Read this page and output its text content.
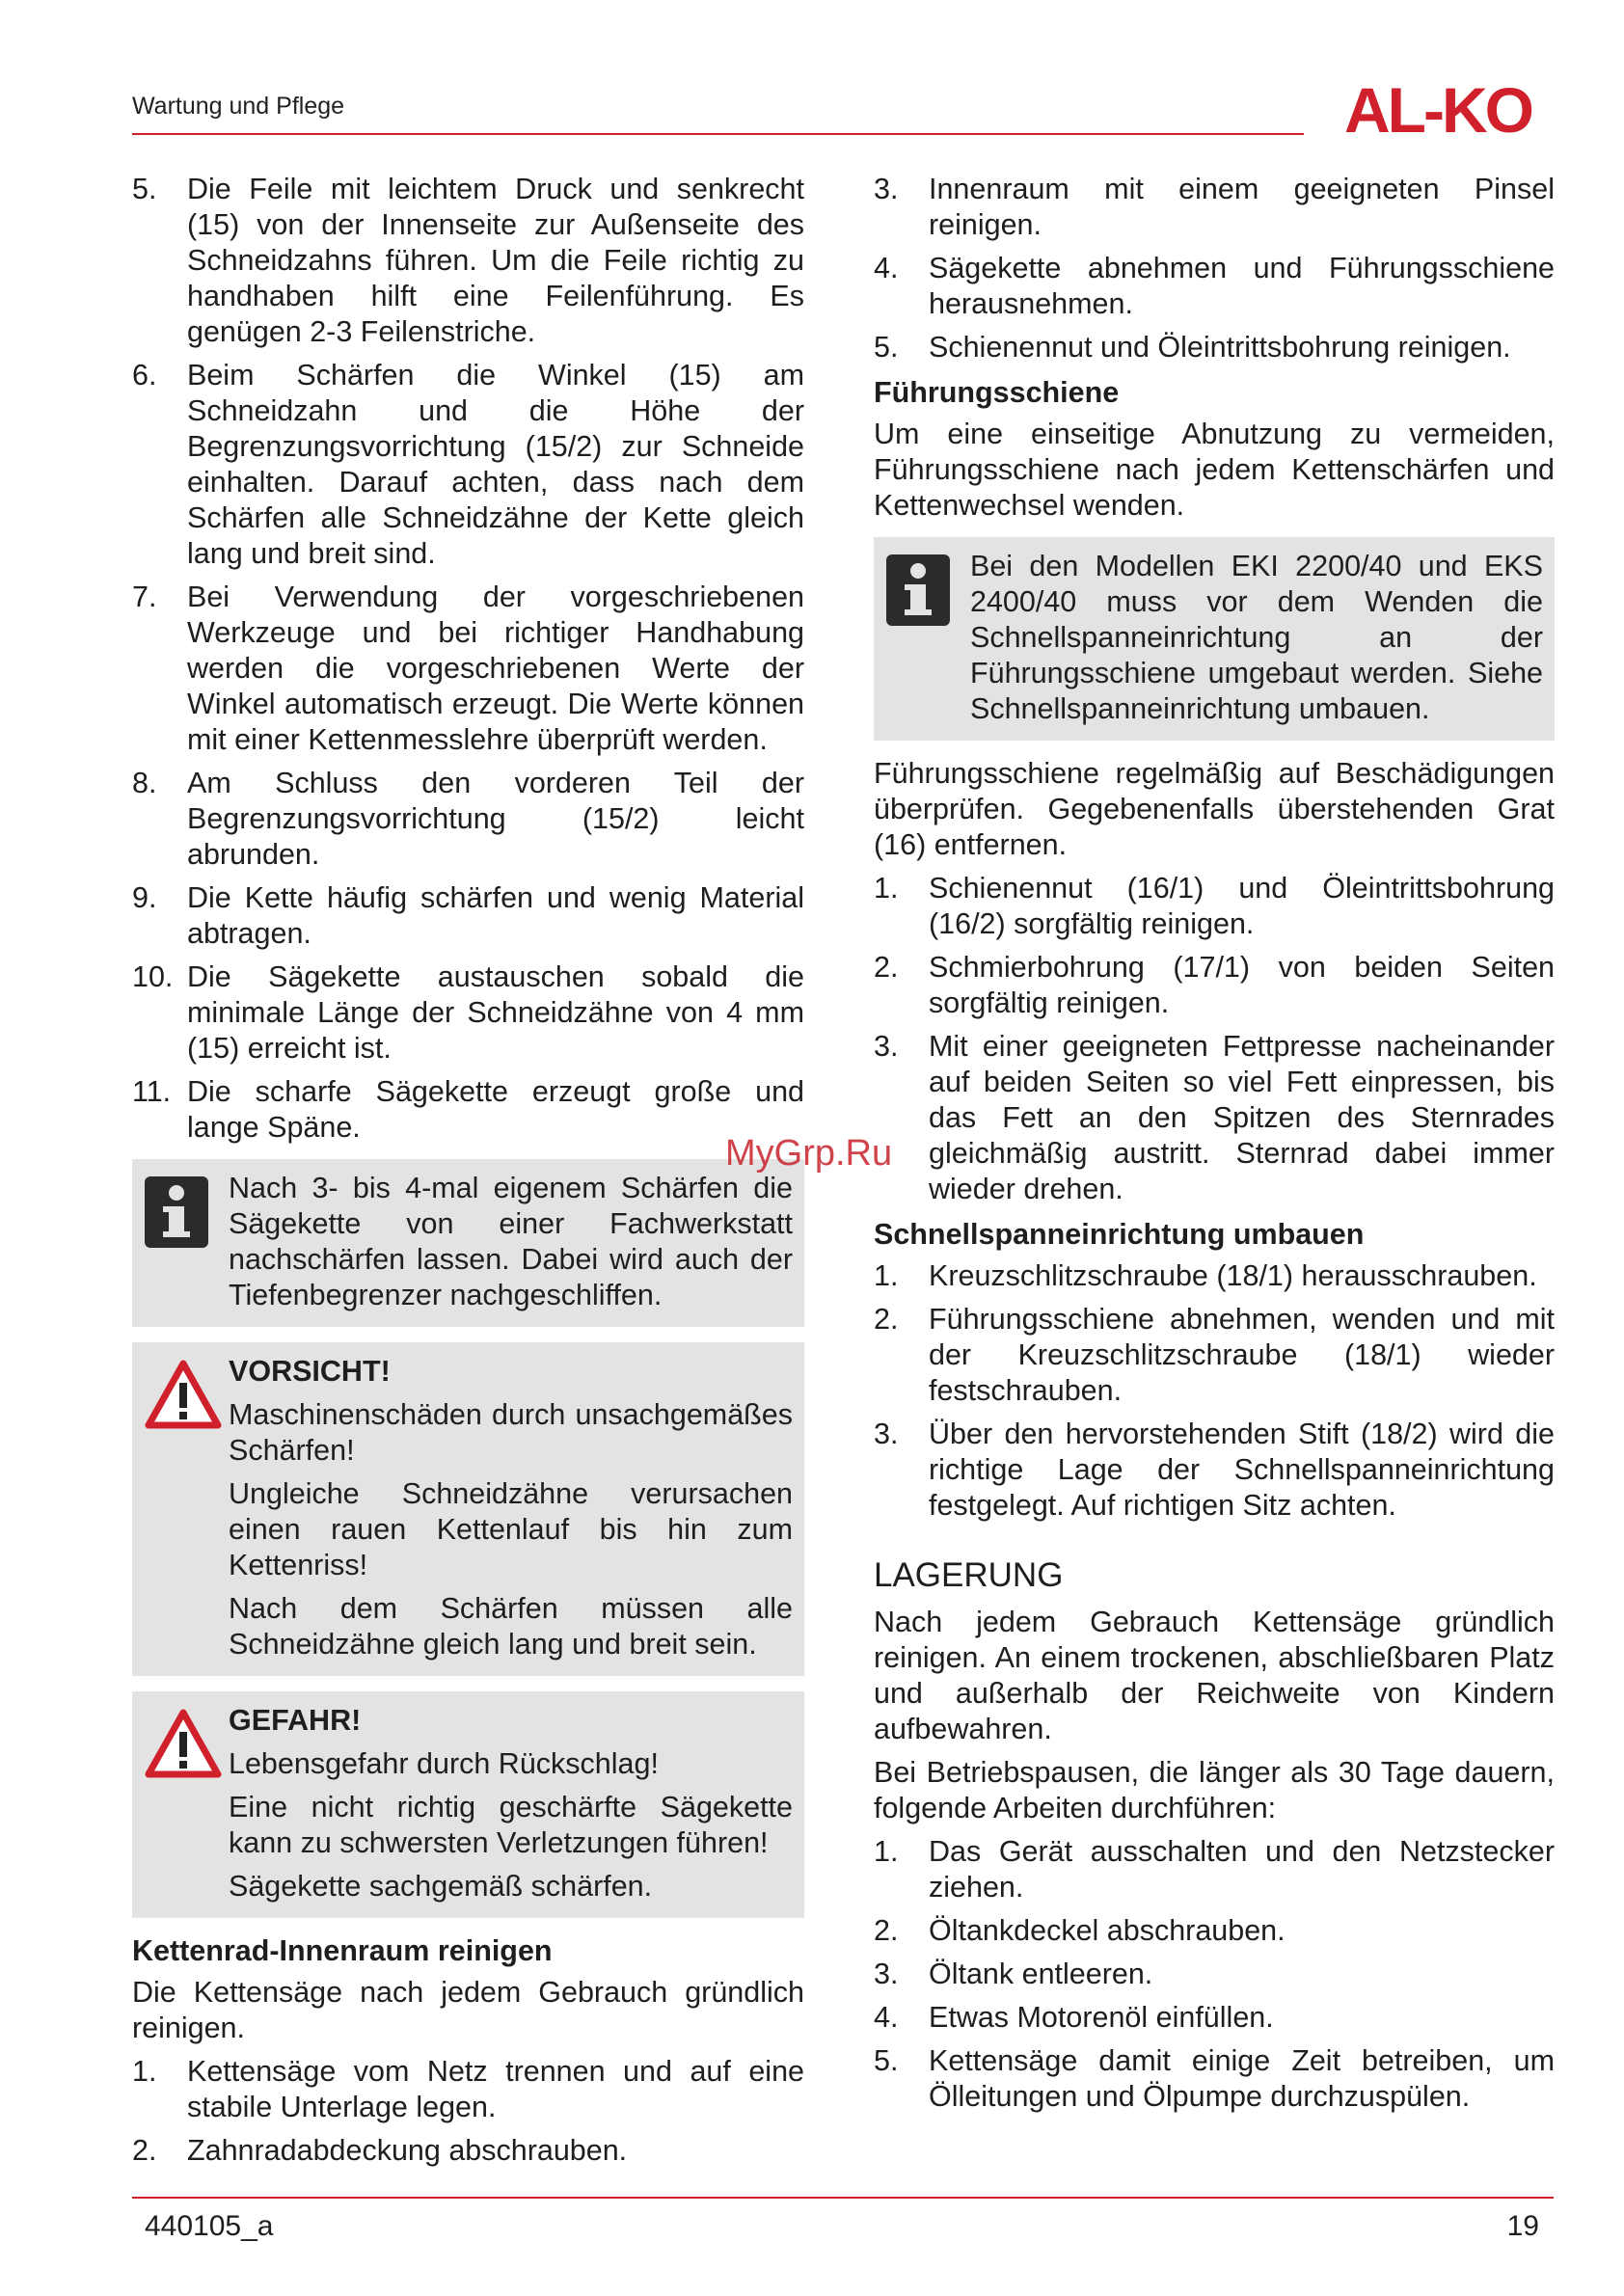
Wartung und Pflege	AL-KO
5. Die Feile mit leichtem Druck und senkrecht (15) von der Innenseite zur Außenseite des Schneidzahns führen. Um die Feile richtig zu handhaben hilft eine Feilenführung. Es genügen 2-3 Feilenstriche.
6. Beim Schärfen die Winkel (15) am Schneidzahn und die Höhe der Begrenzungsvorrichtung (15/2) zur Schneide einhalten. Darauf achten, dass nach dem Schärfen alle Schneidzähne der Kette gleich lang und breit sind.
7. Bei Verwendung der vorgeschriebenen Werkzeuge und bei richtiger Handhabung werden die vorgeschriebenen Werte der Winkel automatisch erzeugt. Die Werte können mit einer Kettenmesslehre überprüft werden.
8. Am Schluss den vorderen Teil der Begrenzungsvorrichtung (15/2) leicht abrunden.
9. Die Kette häufig schärfen und wenig Material abtragen.
10. Die Sägekette austauschen sobald die minimale Länge der Schneidzähne von 4 mm (15) erreicht ist.
11. Die scharfe Sägekette erzeugt große und lange Späne.

Nach 3- bis 4-mal eigenem Schärfen die Sägekette von einer Fachwerkstatt nachschärfen lassen. Dabei wird auch der Tiefenbegrenzer nachgeschliffen.

VORSICHT!

Maschinenschäden durch unsachgemäßes Schärfen!

Ungleiche Schneidzähne verursachen einen rauen Kettenlauf bis hin zum Kettenriss!

Nach dem Schärfen müssen alle Schneidzähne gleich lang und breit sein.

GEFAHR!

Lebensgefahr durch Rückschlag!

Eine nicht richtig geschärfte Sägekette kann zu schwersten Verletzungen führen!

Sägekette sachgemäß schärfen.

Kettenrad-Innenraum reinigen

Die Kettensäge nach jedem Gebrauch gründlich reinigen.

1. Kettensäge vom Netz trennen und auf eine stabile Unterlage legen.
2. Zahnradabdeckung abschrauben.
3. Innenraum mit einem geeigneten Pinsel reinigen.
4. Sägekette abnehmen und Führungsschiene herausnehmen.
5. Schienennut und Öleintrittsbohrung reinigen.
Führungsschiene

Um eine einseitige Abnutzung zu vermeiden, Führungsschiene nach jedem Kettenschärfen und Kettenwechsel wenden.

Bei den Modellen EKI 2200/40 und EKS 2400/40 muss vor dem Wenden die Schnellspanneinrichtung an der Führungsschiene umgebaut werden. Siehe Schnellspanneinrichtung umbauen.

Führungsschiene regelmäßig auf Beschädigungen überprüfen. Gegebenenfalls überstehenden Grat (16) entfernen.

1. Schienennut (16/1) und Öleintrittsbohrung (16/2) sorgfältig reinigen.
2. Schmierbohrung (17/1) von beiden Seiten sorgfältig reinigen.
3. Mit einer geeigneten Fettpresse nacheinander auf beiden Seiten so viel Fett einpressen, bis das Fett an den Spitzen des Sternrades gleichmäßig austritt. Sternrad dabei immer wieder drehen.
Schnellspanneinrichtung umbauen
1. Kreuzschlitzschraube (18/1) herausschrauben.
2. Führungsschiene abnehmen, wenden und mit der Kreuzschlitzschraube (18/1) wieder festschrauben.
3. Über den hervorstehenden Stift (18/2) wird die richtige Lage der Schnellspanneinrichtung festgelegt. Auf richtigen Sitz achten.
LAGERUNG

Nach jedem Gebrauch Kettensäge gründlich reinigen. An einem trockenen, abschließbaren Platz und außerhalb der Reichweite von Kindern aufbewahren.

Bei Betriebspausen, die länger als 30 Tage dauern, folgende Arbeiten durchführen:

1. Das Gerät ausschalten und den Netzstecker ziehen.
2. Öltankdeckel abschrauben.
3. Öltank entleeren.
4. Etwas Motorenöl einfüllen.
5. Kettensäge damit einige Zeit betreiben, um Ölleitungen und Ölpumpe durchzuspülen.
MyGrp.Ru
440105_a	19
